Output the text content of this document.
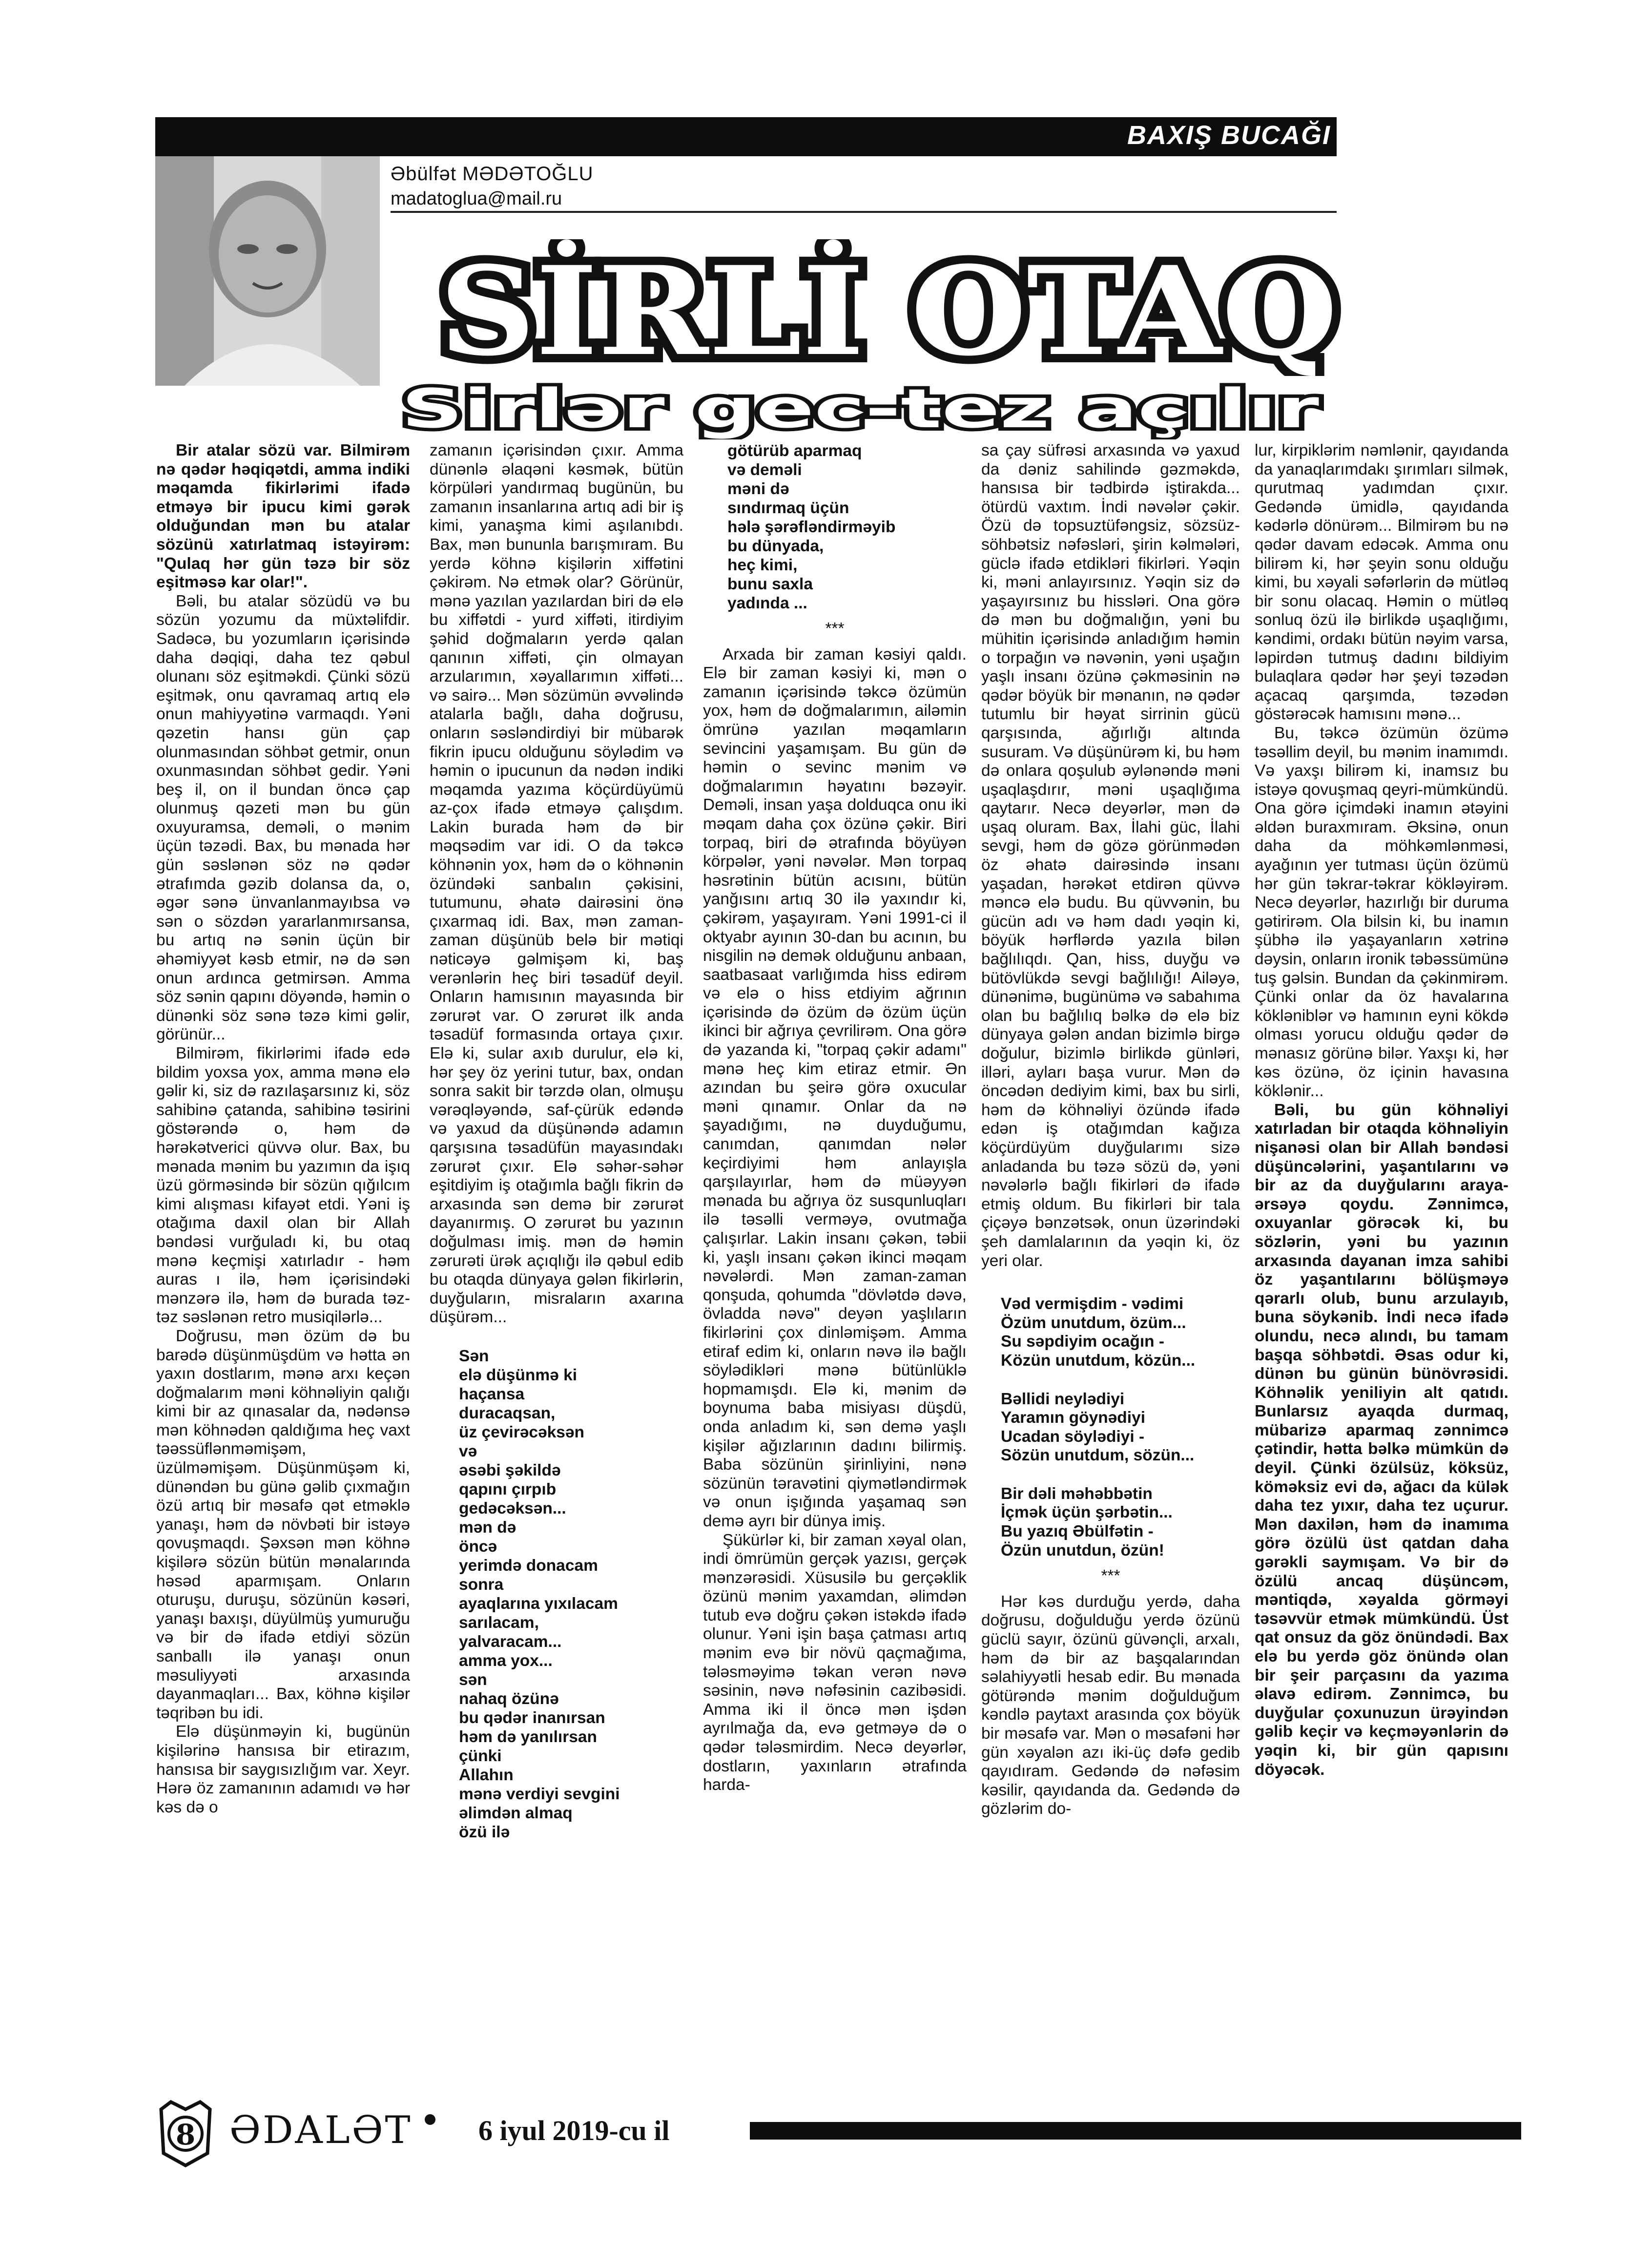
BAXIŞ BUCAĞI
Əbülfət MƏDƏTOĞLU
madatoglua@mail.ru
SİRLİ OTAQ
Sirlər gec-tez açılır

Bir atalar sözü var. Bilmirəm nə qədər həqiqətdi, amma indiki məqamda fikirlərimi ifadə etməyə bir ipucu kimi gərək olduğundan mən bu atalar sözünü xatırlatmaq istəyirəm: "Qulaq hər gün təzə bir söz eşitməsə kar olar!".

Bəli, bu atalar sözüdü və bu sözün yozumu da müxtəlifdir. Sadəcə, bu yozumların içərisində daha dəqiqi, daha tez qəbul olunanı söz eşitməkdi. Çünki sözü eşitmək, onu qavramaq artıq elə onun mahiyyətinə varmaqdı. Yəni qəzetin hansı gün çap olunmasından söhbət getmir, onun oxunmasından söhbət gedir. Yəni beş il, on il bundan öncə çap olunmuş qəzeti mən bu gün oxuyuramsa, deməli, o mənim üçün təzədi. Bax, bu mənada hər gün səslənən söz nə qədər ətrafımda gəzib dolansa da, o, əgər sənə ünvanlanmayıbsa və sən o sözdən yararlanmırsansa, bu artıq nə sənin üçün bir əhəmiyyət kəsb etmir, nə də sən onun ardınca getmirsən. Amma söz sənin qapını döyəndə, həmin o dünənki söz sənə təzə kimi gəlir, görünür...

Bilmirəm, fikirlərimi ifadə edə bildim yoxsa yox, amma mənə elə gəlir ki, siz də razılaşarsınız ki, söz sahibinə çatanda, sahibinə təsirini göstərəndə o, həm də hərəkətverici qüvvə olur. Bax, bu mənada mənim bu yazımın da işıq üzü görməsində bir sözün qığılcım kimi alışması kifayət etdi. Yəni iş otağıma daxil olan bir Allah bəndəsi vurğuladı ki, bu otaq mənə keçmişi xatırladır - həm auras ı ilə, həm içərisindəki mənzərə ilə, həm də burada təz-təz səslənən retro musiqilərlə...

Doğrusu, mən özüm də bu barədə düşünmüşdüm və hətta ən yaxın dostlarım, mənə arxı keçən doğmalarım məni köhnəliyin qalığı kimi bir az qınasalar da, nədənsə mən köhnədən qaldığıma heç vaxt təəssüflənməmişəm, üzülməmişəm. Düşünmüşəm ki, dünəndən bu günə gəlib çıxmağın özü artıq bir məsafə qət etməklə yanaşı, həm də növbəti bir istəyə qovuşmaqdı. Şəxsən mən köhnə kişilərə sözün bütün mənalarında həsəd aparmışam. Onların oturuşu, duruşu, sözünün kəsəri, yanaşı baxışı, düyülmüş yumuruğu və bir də ifadə etdiyi sözün sanballı ilə yanaşı onun məsuliyyəti arxasında dayanmaqları... Bax, köhnə kişilər təqribən bu idi.

Elə düşünməyin ki, bugünün kişilərinə hansısa bir etirazım, hansısa bir saygısızlığım var. Xeyr. Hərə öz zamanının adamıdı və hər kəs də o

zamanın içərisindən çıxır. Amma dünənlə əlaqəni kəsmək, bütün körpüləri yandırmaq bugünün, bu zamanın insanlarına artıq adi bir iş kimi, yanaşma kimi aşılanıbdı. Bax, mən bununla barışmıram. Bu yerdə köhnə kişilərin xiffətini çəkirəm. Nə etmək olar? Görünür, mənə yazılan yazılardan biri də elə bu xiffətdi - yurd xiffəti, itirdiyim şəhid doğmaların yerdə qalan qanının xiffəti, çin olmayan arzularımın, xəyallarımın xiffəti... və sairə... Mən sözümün əvvəlində atalarla bağlı, daha doğrusu, onların səsləndirdiyi bir mübarək fikrin ipucu olduğunu söylədim və həmin o ipucunun da nədən indiki məqamda yazıma köçürdüyümü az-çox ifadə etməyə çalışdım. Lakin burada həm də bir məqsədim var idi. O da təkcə köhnənin yox, həm də o köhnənin özündəki sanbalın çəkisini, tutumunu, əhatə dairəsini önə çıxarmaq idi. Bax, mən zaman-zaman düşünüb belə bir mətiqi nəticəyə gəlmişəm ki, baş verənlərin heç biri təsadüf deyil. Onların hamısının mayasında bir zərurət var. O zərurət ilk anda təsadüf formasında ortaya çıxır. Elə ki, sular axıb durulur, elə ki, hər şey öz yerini tutur, bax, ondan sonra sakit bir tərzdə olan, olmuşu vərəqləyəndə, saf-çürük edəndə və yaxud da düşünəndə adamın qarşısına təsadüfün mayasındakı zərurət çıxır. Elə səhər-səhər eşitdiyim iş otağımla bağlı fikrin də arxasında sən demə bir zərurət dayanırmış. O zərurət bu yazının doğulması imiş. mən də həmin zərurəti ürək açıqlığı ilə qəbul edib bu otaqda dünyaya gələn fikirlərin, duyğuların, misraların axarına düşürəm...

Sən
elə düşünmə ki
haçansa
duracaqsan,
üz çevirəcəksən
və
əsəbi şəkildə
qapını çırpıb
gedəcəksən...
mən də
öncə
yerimdə donacam
sonra
ayaqlarına yıxılacam
sarılacam,
yalvaracam...
amma yox...
sən
nahaq özünə
bu qədər inanırsan
həm də yanılırsan
çünki
Allahın
mənə verdiyi sevgini
əlimdən almaq
özü ilə

götürüb aparmaq
və deməli
məni də
sındırmaq üçün
hələ şərəfləndirməyib
bu dünyada,
heç kimi,
bunu saxla
yadında ...

***

Arxada bir zaman kəsiyi qaldı. Elə bir zaman kəsiyi ki, mən o zamanın içərisində təkcə özümün yox, həm də doğmalarımın, ailəmin ömrünə yazılan məqamların sevincini yaşamışam. Bu gün də həmin o sevinc mənim və doğmalarımın həyatını bəzəyir. Deməli, insan yaşa dolduqca onu iki məqam daha çox özünə çəkir. Biri torpaq, biri də ətrafında böyüyən körpələr, yəni nəvələr. Mən torpaq həsrətinin bütün acısını, bütün yanğısını artıq 30 ilə yaxındır ki, çəkirəm, yaşayıram. Yəni 1991-ci il oktyabr ayının 30-dan bu acının, bu nisgilin nə demək olduğunu anbaan, saatbasaat varlığımda hiss edirəm və elə o hiss etdiyim ağrının içərisində də özüm də özüm üçün ikinci bir ağrıya çevrilirəm. Ona görə də yazanda ki, "torpaq çəkir adamı" mənə heç kim etiraz etmir. Ən azından bu şeirə görə oxucular məni qınamır. Onlar da nə şayadığımı, nə duyduğumu, canımdan, qanımdan nələr keçirdiyimi həm anlayışla qarşılayırlar, həm də müəyyən mənada bu ağrıya öz susqunluqları ilə təsəlli verməyə, ovutmağa çalışırlar. Lakin insanı çəkən, təbii ki, yaşlı insanı çəkən ikinci məqam nəvələrdi. Mən zaman-zaman qonşuda, qohumda "dövlətdə dəvə, övladda nəvə" deyən yaşlıların fikirlərini çox dinləmişəm. Amma etiraf edim ki, onların nəvə ilə bağlı söylədikləri mənə bütünlüklə hopmamışdı. Elə ki, mənim də boynuma baba misiyası düşdü, onda anladım ki, sən demə yaşlı kişilər ağızlarının dadını bilirmiş. Baba sözünün şirinliyini, nənə sözünün təravətini qiymətləndirmək və onun işığında yaşamaq sən demə ayrı bir dünya imiş.

Şükürlər ki, bir zaman xəyal olan, indi ömrümün gerçək yazısı, gerçək mənzərəsidi. Xüsusilə bu gerçəklik özünü mənim yaxamdan, əlimdən tutub evə doğru çəkən istəkdə ifadə olunur. Yəni işin başa çatması artıq mənim evə bir növü qaçmağıma, tələsməyimə təkan verən nəvə səsinin, nəvə nəfəsinin cazibəsidi. Amma iki il öncə mən işdən ayrılmağa da, evə getməyə də o qədər tələsmirdim. Necə deyərlər, dostların, yaxınların ətrafında harda-

sa çay süfrəsi arxasında və yaxud da dəniz sahilində gəzməkdə, hansısa bir tədbirdə iştirakda... ötürdü vaxtım. İndi nəvələr çəkir. Özü də topsuztüfəngsiz, sözsüz- söhbətsiz nəfəsləri, şirin kəlmələri, güclə ifadə etdikləri fikirləri. Yəqin ki, məni anlayırsınız. Yəqin siz də yaşayırsınız bu hissləri. Ona görə də mən bu doğmalığın, yəni bu mühitin içərisində anladığım həmin o torpağın və nəvənin, yəni uşağın yaşlı insanı özünə çəkməsinin nə qədər böyük bir mənanın, nə qədər tutumlu bir həyat sirrinin gücü qarşısında, ağırlığı altında susuram. Və düşünürəm ki, bu həm də onlara qoşulub əylənəndə məni uşaqlaşdırır, məni uşaqlığıma qaytarır. Necə deyərlər, mən də uşaq oluram. Bax, İlahi güc, İlahi sevgi, həm də gözə görünmədən öz əhatə dairəsində insanı yaşadan, hərəkət etdirən qüvvə məncə elə budu. Bu qüvvənin, bu gücün adı və həm dadı yəqin ki, böyük hərflərdə yazıla bilən bağlılıqdı. Qan, hiss, duyğu və bütövlükdə sevgi bağlılığı! Ailəyə, dünənimə, bugünümə və sabahıma olan bu bağlılıq bəlkə də elə biz dünyaya gələn andan bizimlə birgə doğulur, bizimlə birlikdə günləri, illəri, ayları başa vurur. Mən də öncədən dediyim kimi, bax bu sirli, həm də köhnəliyi özündə ifadə edən iş otağımdan kağıza köçürdüyüm duyğularımı sizə anladanda bu təzə sözü də, yəni nəvələrlə bağlı fikirləri də ifadə etmiş oldum. Bu fikirləri bir tala çiçəyə bənzətsək, onun üzərindəki şeh damlalarının da yəqin ki, öz yeri olar.

Vəd vermişdim - vədimi
Özüm unutdum, özüm...
Su səpdiyim ocağın -
Közün unutdum, közün...

Bəllidi neylədiyi
Yaramın göynədiyi
Ucadan söylədiyi -
Sözün unutdum, sözün...

Bir dəli məhəbbətin
İçmək üçün şərbətin...
Bu yazıq Əbülfətin -
Özün unutdun, özün!

***

Hər kəs durduğu yerdə, daha doğrusu, doğulduğu yerdə özünü güclü sayır, özünü güvənçli, arxalı, həm də bir az başqalarından səlahiyyətli hesab edir. Bu mənada götürəndə mənim doğulduğum kəndlə paytaxt arasında çox böyük bir məsafə var. Mən o məsafəni hər gün xəyalən azı iki-üç dəfə gedib qayıdıram. Gedəndə də nəfəsim kəsilir, qayıdanda da. Gedəndə də gözlərim do-

lur, kirpiklərim nəmlənir, qayıdanda da yanaqlarımdakı şırımları silmək, qurutmaq yadımdan çıxır. Gedəndə ümidlə, qayıdanda kədərlə dönürəm... Bilmirəm bu nə qədər davam edəcək. Amma onu bilirəm ki, hər şeyin sonu olduğu kimi, bu xəyali səfərlərin də mütləq bir sonu olacaq. Həmin o mütləq sonluq özü ilə birlikdə uşaqlığımı, kəndimi, ordakı bütün nəyim varsa, ləpirdən tutmuş dadını bildiyim bulaqlara qədər hər şeyi təzədən açacaq qarşımda, təzədən göstərəcək hamısını mənə...

Bu, təkcə özümün özümə təsəllim deyil, bu mənim inamımdı. Və yaxşı bilirəm ki, inamsız bu istəyə qovuşmaq qeyri-mümkündü. Ona görə içimdəki inamın ətəyini əldən buraxmıram. Əksinə, onun daha da möhkəmlənməsi, ayağının yer tutması üçün özümü hər gün təkrar-təkrar kökləyirəm. Necə deyərlər, hazırlığı bir duruma gətirirəm. Ola bilsin ki, bu inamın şübhə ilə yaşayanların xətrinə dəysin, onların ironik təbəssümünə tuş gəlsin. Bundan da çəkinmirəm. Çünki onlar da öz havalarına kökləniblər və hamının eyni kökdə olması yorucu olduğu qədər də mənasız görünə bilər. Yaxşı ki, hər kəs özünə, öz içinin havasına köklənir...

Bəli, bu gün köhnəliyi xatırladan bir otaqda köhnəliyin nişanəsi olan bir Allah bəndəsi düşüncələrini, yaşantılarını və bir az da duyğularını araya-ərsəyə qoydu. Zənnimcə, oxuyanlar görəcək ki, bu sözlərin, yəni bu yazının arxasında dayanan imza sahibi öz yaşantılarını bölüşməyə qərarlı olub, bunu arzulayıb, buna söykənib. İndi necə ifadə olundu, necə alındı, bu tamam başqa söhbətdi. Əsas odur ki, dünən bu günün bünövrəsidi. Köhnəlik yeniliyin alt qatıdı. Bunlarsız ayaqda durmaq, mübarizə aparmaq zənnimcə çətindir, hətta bəlkə mümkün də deyil. Çünki özülsüz, köksüz, köməksiz evi də, ağacı da külək daha tez yıxır, daha tez uçurur. Mən daxilən, həm də inamıma görə özülü üst qatdan daha gərəkli saymışam. Və bir də özülü ancaq düşüncəm, məntiqdə, xəyalda görməyi təsəvvür etmək mümkündü. Üst qat onsuz da göz önündədi. Bax elə bu yerdə göz önündə olan bir şeir parçasını da yazıma əlavə edirəm. Zənnimcə, bu duyğular çoxunuzun ürəyindən gəlib keçir və keçməyənlərin də yəqin ki, bir gün qapısını döyəcək.

8 ƏDALƏT 6 iyul 2019-cu il
